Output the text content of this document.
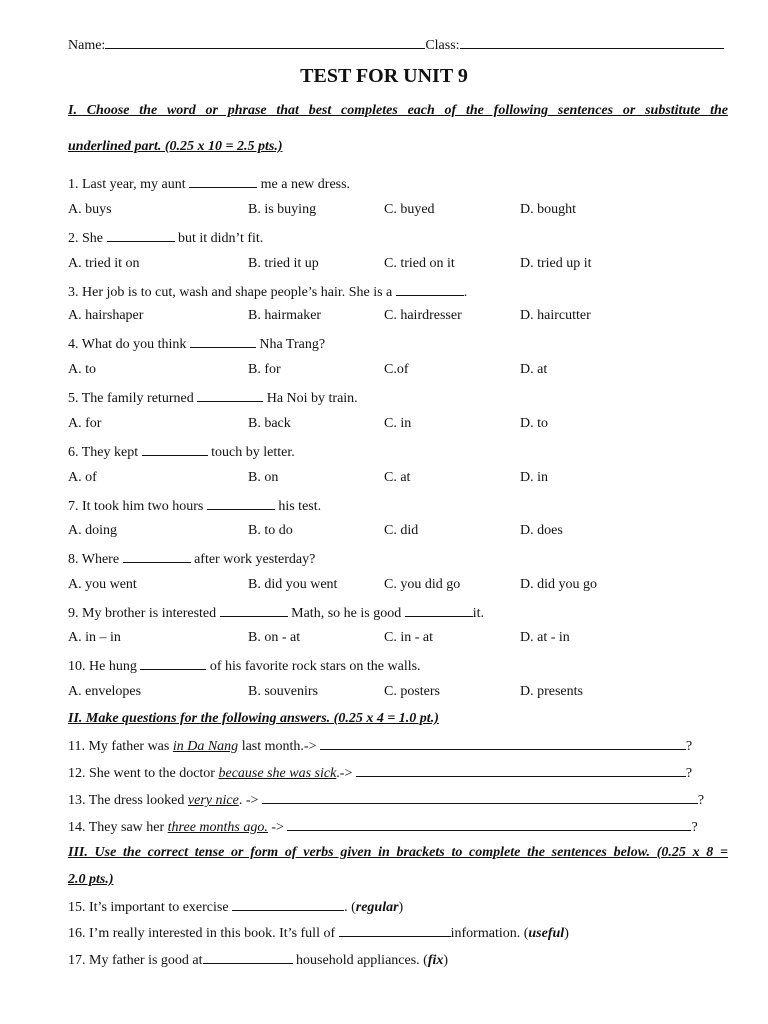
Name:	Class:
TEST FOR UNIT 9
I. Choose the word or phrase that best completes each of the following sentences or substitute the
underlined part. (0.25 x 10 = 2.5 pts.)
1. Last year, my aunt	me a new dress.
A. buys	B. is buying	C. buyed	D. bought
2. She	but it didn’t fit.
A. tried it on	B. tried it up	C. tried on it	D. tried up it
3. Her job is to cut, wash and shape people’s hair. She is a	.
A. hairshaper	B. hairmaker	C. hairdresser	D. haircutter
4. What do you think	Nha Trang?
A. to	B. for	C.of	D. at
5. The family returned	Ha Noi by train.
A. for	B. back	C. in	D. to
6. They kept	touch by letter.
A. of	B. on	C. at	D. in
7. It took him two hours	his test.
A. doing	B. to do	C. did	D. does
8. Where	after work yesterday?
A. you went	B. did you went	C. you did go	D. did you go
9. My brother is interested	Math, so he is good	it.
A. in – in	B. on - at	C. in - at	D. at - in
10. He hung	of his favorite rock stars on the walls.
A. envelopes	B. souvenirs	C. posters	D. presents
II. Make questions for the following answers. (0.25 x 4 = 1.0 pt.)
11. My father was in Da Nang last month.->	?
12. She went to the doctor because she was sick.->	?
13. The dress looked very nice. ->	?
14. They saw her three months ago. ->	?
III. Use the correct tense or form of verbs given in brackets to complete the sentences below. (0.25 x 8 =
2.0 pts.)
15. It’s important to exercise	. (regular)
16. I’m really interested in this book. It’s full of	information. (useful)
17. My father is good at	household appliances. (fix)
